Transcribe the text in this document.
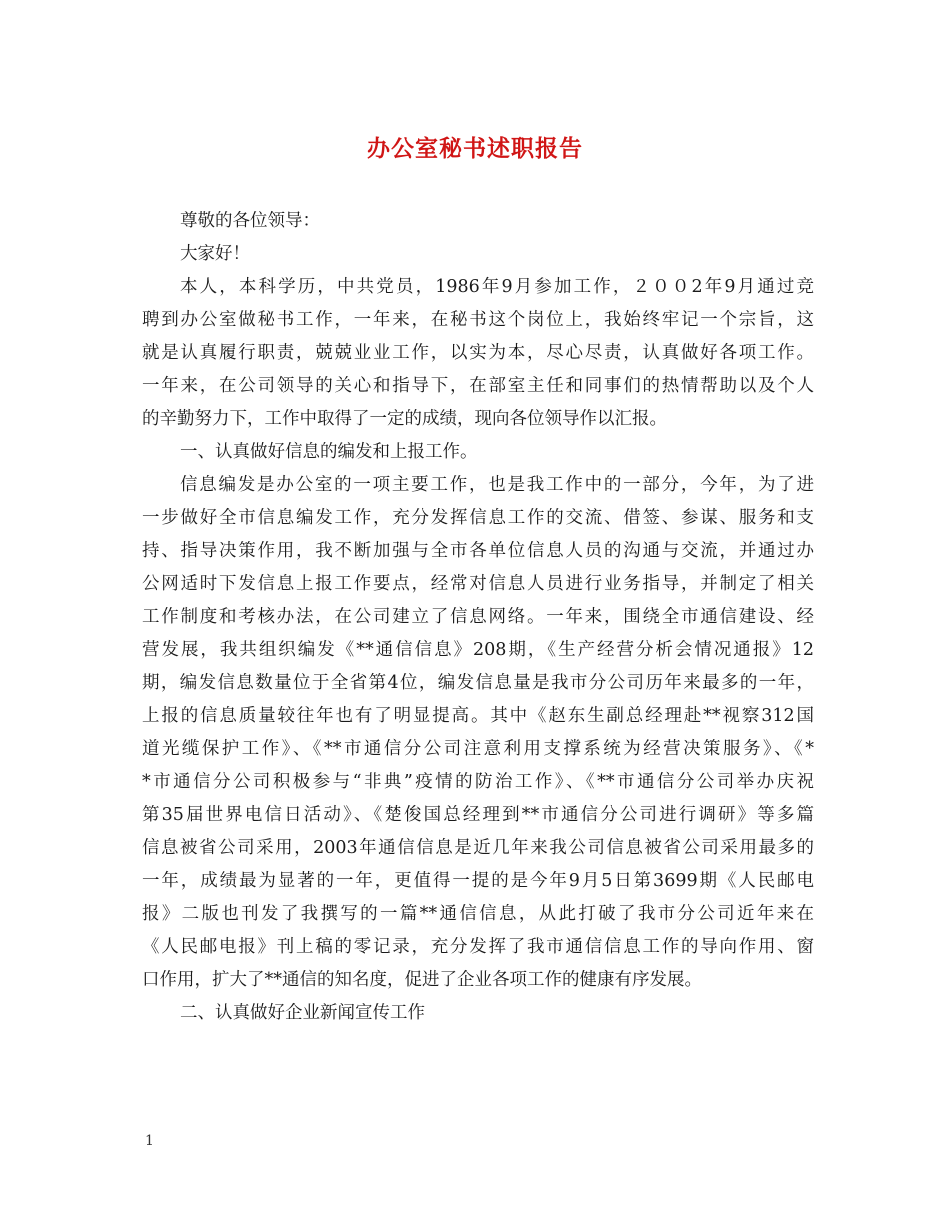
办公室秘书述职报告
尊敬的各位领导：
大家好！
本人，本科学历，中共党员，1986年9月参加工作，２００2年9月通过竞
聘到办公室做秘书工作，一年来，在秘书这个岗位上，我始终牢记一个宗旨，这
就是认真履行职责，兢兢业业工作，以实为本，尽心尽责，认真做好各项工作。
一年来，在公司领导的关心和指导下，在部室主任和同事们的热情帮助以及个人
的辛勤努力下，工作中取得了一定的成绩，现向各位领导作以汇报。
一、认真做好信息的编发和上报工作。
信息编发是办公室的一项主要工作，也是我工作中的一部分，今年，为了进
一步做好全市信息编发工作，充分发挥信息工作的交流、借签、参谋、服务和支
持、指导决策作用，我不断加强与全市各单位信息人员的沟通与交流，并通过办
公网适时下发信息上报工作要点，经常对信息人员进行业务指导，并制定了相关
工作制度和考核办法，在公司建立了信息网络。一年来，围绕全市通信建设、经
营发展，我共组织编发《**通信信息》208期，《生产经营分析会情况通报》12
期，编发信息数量位于全省第4位，编发信息量是我市分公司历年来最多的一年，
上报的信息质量较往年也有了明显提高。其中《赵东生副总经理赴**视察312国
道光缆保护工作》、《**市通信分公司注意利用支撑系统为经营决策服务》、《*
*市通信分公司积极参与“非典”疫情的防治工作》、《**市通信分公司举办庆祝
第35届世界电信日活动》、《楚俊国总经理到**市通信分公司进行调研》等多篇
信息被省公司采用，2003年通信信息是近几年来我公司信息被省公司采用最多的
一年，成绩最为显著的一年，更值得一提的是今年9月5日第3699期《人民邮电
报》二版也刊发了我撰写的一篇**通信信息，从此打破了我市分公司近年来在
《人民邮电报》刊上稿的零记录，充分发挥了我市通信信息工作的导向作用、窗
口作用，扩大了**通信的知名度，促进了企业各项工作的健康有序发展。
二、认真做好企业新闻宣传工作
1
